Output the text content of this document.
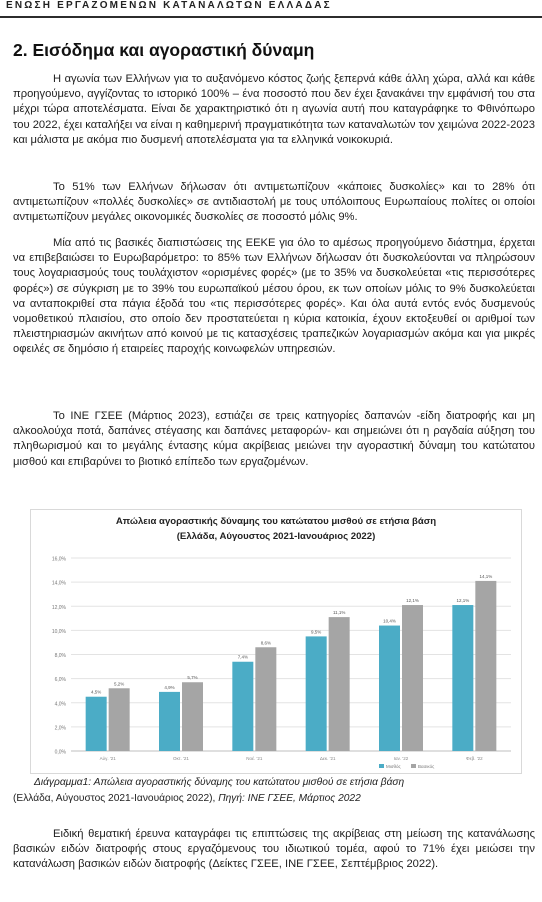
ΕΝΩΣΗ ΕΡΓΑΖΟΜΕΝΩΝ ΚΑΤΑΝΑΛΩΤΩΝ ΕΛΛΑΔΑΣ
2. Εισόδημα και αγοραστική δύναμη

Η αγωνία των Ελλήνων για το αυξανόμενο κόστος ζωής ξεπερνά κάθε άλλη χώρα, αλλά και κάθε προηγούμενο, αγγίζοντας το ιστορικό 100% – ένα ποσοστό που δεν έχει ξανακάνει την εμφάνισή του στα μέχρι τώρα αποτελέσματα. Είναι δε χαρακτηριστικό ότι η αγωνία αυτή που καταγράφηκε το Φθινόπωρο του 2022, έχει καταλήξει να είναι η καθημερινή πραγματικότητα των καταναλωτών τον χειμώνα 2022-2023 και μάλιστα με ακόμα πιο δυσμενή αποτελέσματα για τα ελληνικά νοικοκυριά.

Το 51% των Ελλήνων δήλωσαν ότι αντιμετωπίζουν «κάποιες δυσκολίες» και το 28% ότι αντιμετωπίζουν «πολλές δυσκολίες» σε αντιδιαστολή με τους υπόλοιπους Ευρωπαίους πολίτες οι οποίοι αντιμετωπίζουν μεγάλες οικονομικές δυσκολίες σε ποσοστό μόλις 9%.

Μία από τις βασικές διαπιστώσεις της ΕΕΚΕ για όλο το αμέσως προηγούμενο διάστημα, έρχεται να επιβεβαιώσει το Ευρωβαρόμετρο: το 85% των Ελλήνων δήλωσαν ότι δυσκολεύονται να πληρώσουν τους λογαριασμούς τους τουλάχιστον «ορισμένες φορές» (με το 35% να δυσκολεύεται «τις περισσότερες φορές») σε σύγκριση με το 39% του ευρωπαϊκού μέσου όρου, εκ των οποίων μόλις το 9% δυσκολεύεται να ανταποκριθεί στα πάγια έξοδά του «τις περισσότερες φορές». Και όλα αυτά εντός ενός δυσμενούς νομοθετικού πλαισίου, στο οποίο δεν προστατεύεται η κύρια κατοικία, έχουν εκτοξευθεί οι αριθμοί των πλειστηριασμών ακινήτων από κοινού με τις κατασχέσεις τραπεζικών λογαριασμών ακόμα και για μικρές οφειλές σε δημόσιο ή εταιρείες παροχής κοινωφελών υπηρεσιών.

Το ΙΝΕ ΓΣΕΕ (Μάρτιος 2023), εστιάζει σε τρεις κατηγορίες δαπανών -είδη διατροφής και μη αλκοολούχα ποτά, δαπάνες στέγασης και δαπάνες μεταφορών- και σημειώνει ότι η ραγδαία αύξηση του πληθωρισμού και το μεγάλης έντασης κύμα ακρίβειας μειώνει την αγοραστική δύναμη του κατώτατου μισθού και επιβαρύνει το βιοτικό επίπεδο των εργαζομένων.

Απώλεια αγοραστικής δύναμης του κατώτατου μισθού σε ετήσια βάση
(Ελλάδα, Αύγουστος 2021-Ιανουάριος 2022)
0,0%
2,0%
4,0%
6,0%
8,0%
10,0%
12,0%
14,0%
16,0%
4,5%
5,2%
Αύγ. '21
4,9%
5,7%
Οκτ. '21
7,4%
8,6%
Νοέ. '21
9,5%
11,1%
Δεκ. '21
10,4%
12,1%
Ιαν. '22
12,1%
14,1%
Φεβ. '22
Μισθός	Βασικός
Διάγραμμα1: Απώλεια αγοραστικής δύναμης του κατώτατου μισθού σε ετήσια βάση
(Ελλάδα, Αύγουστος 2021-Ιανουάριος 2022), Πηγή: ΙΝΕ ΓΣΕΕ, Μάρτιος 2022

Ειδική θεματική έρευνα καταγράφει τις επιπτώσεις της ακρίβειας στη μείωση της κατανάλωσης βασικών ειδών διατροφής στους εργαζόμενους του ιδιωτικού τομέα, αφού το 71% έχει μειώσει την κατανάλωση βασικών ειδών διατροφής (Δείκτες ΓΣΕΕ, ΙΝΕ ΓΣΕΕ, Σεπτέμβριος 2022).
